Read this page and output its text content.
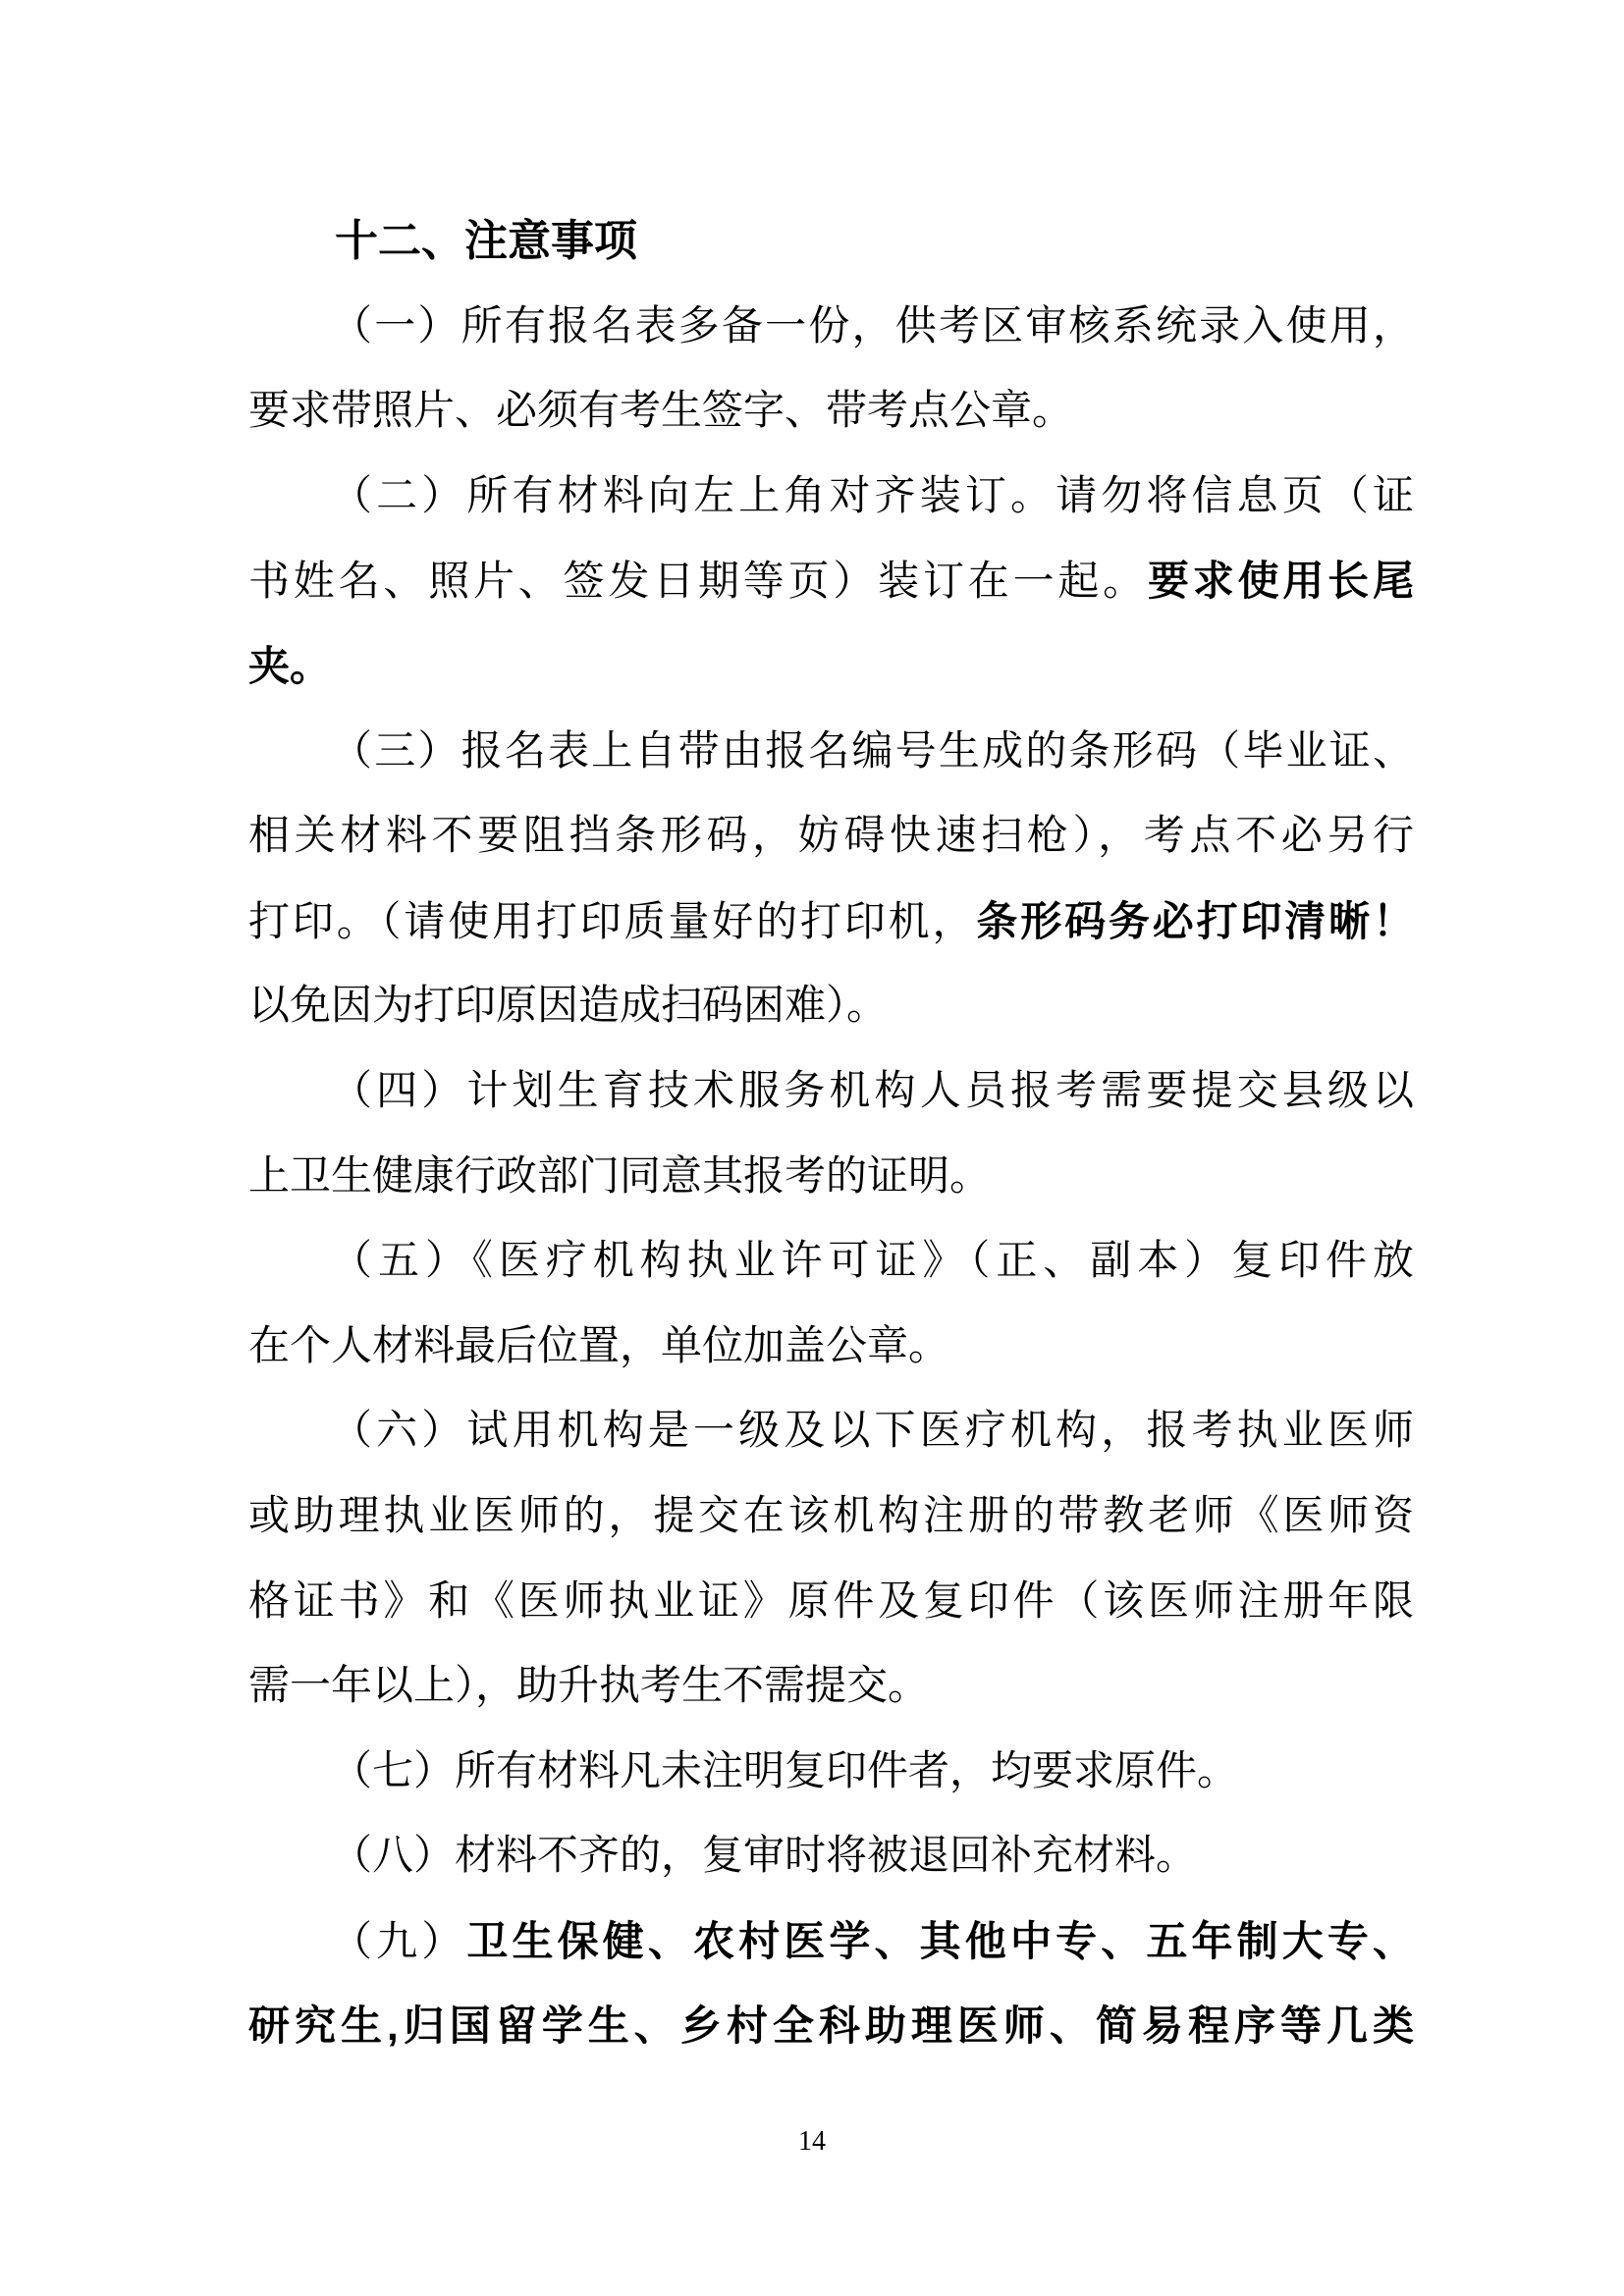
十二、注意事项
（一）所有报名表多备一份，供考区审核系统录入使用，
要求带照片、必须有考生签字、带考点公章。
（二）所有材料向左上角对齐装订。请勿将信息页（证
书姓名、照片、签发日期等页）装订在一起。要求使用长尾
夹。
（三）报名表上自带由报名编号生成的条形码（毕业证、
相关材料不要阻挡条形码，妨碍快速扫枪），考点不必另行
打印。（请使用打印质量好的打印机，条形码务必打印清晰！
以免因为打印原因造成扫码困难）。
（四）计划生育技术服务机构人员报考需要提交县级以
上卫生健康行政部门同意其报考的证明。
（五）《医疗机构执业许可证》（正、副本）复印件放
在个人材料最后位置，单位加盖公章。
（六）试用机构是一级及以下医疗机构，报考执业医师
或助理执业医师的，提交在该机构注册的带教老师《医师资
格证书》和《医师执业证》原件及复印件（该医师注册年限
需一年以上），助升执考生不需提交。
（七）所有材料凡未注明复印件者，均要求原件。
（八）材料不齐的，复审时将被退回补充材料。
（九）卫生保健、农村医学、其他中专、五年制大专、
研究生,归国留学生、乡村全科助理医师、简易程序等几类
14
